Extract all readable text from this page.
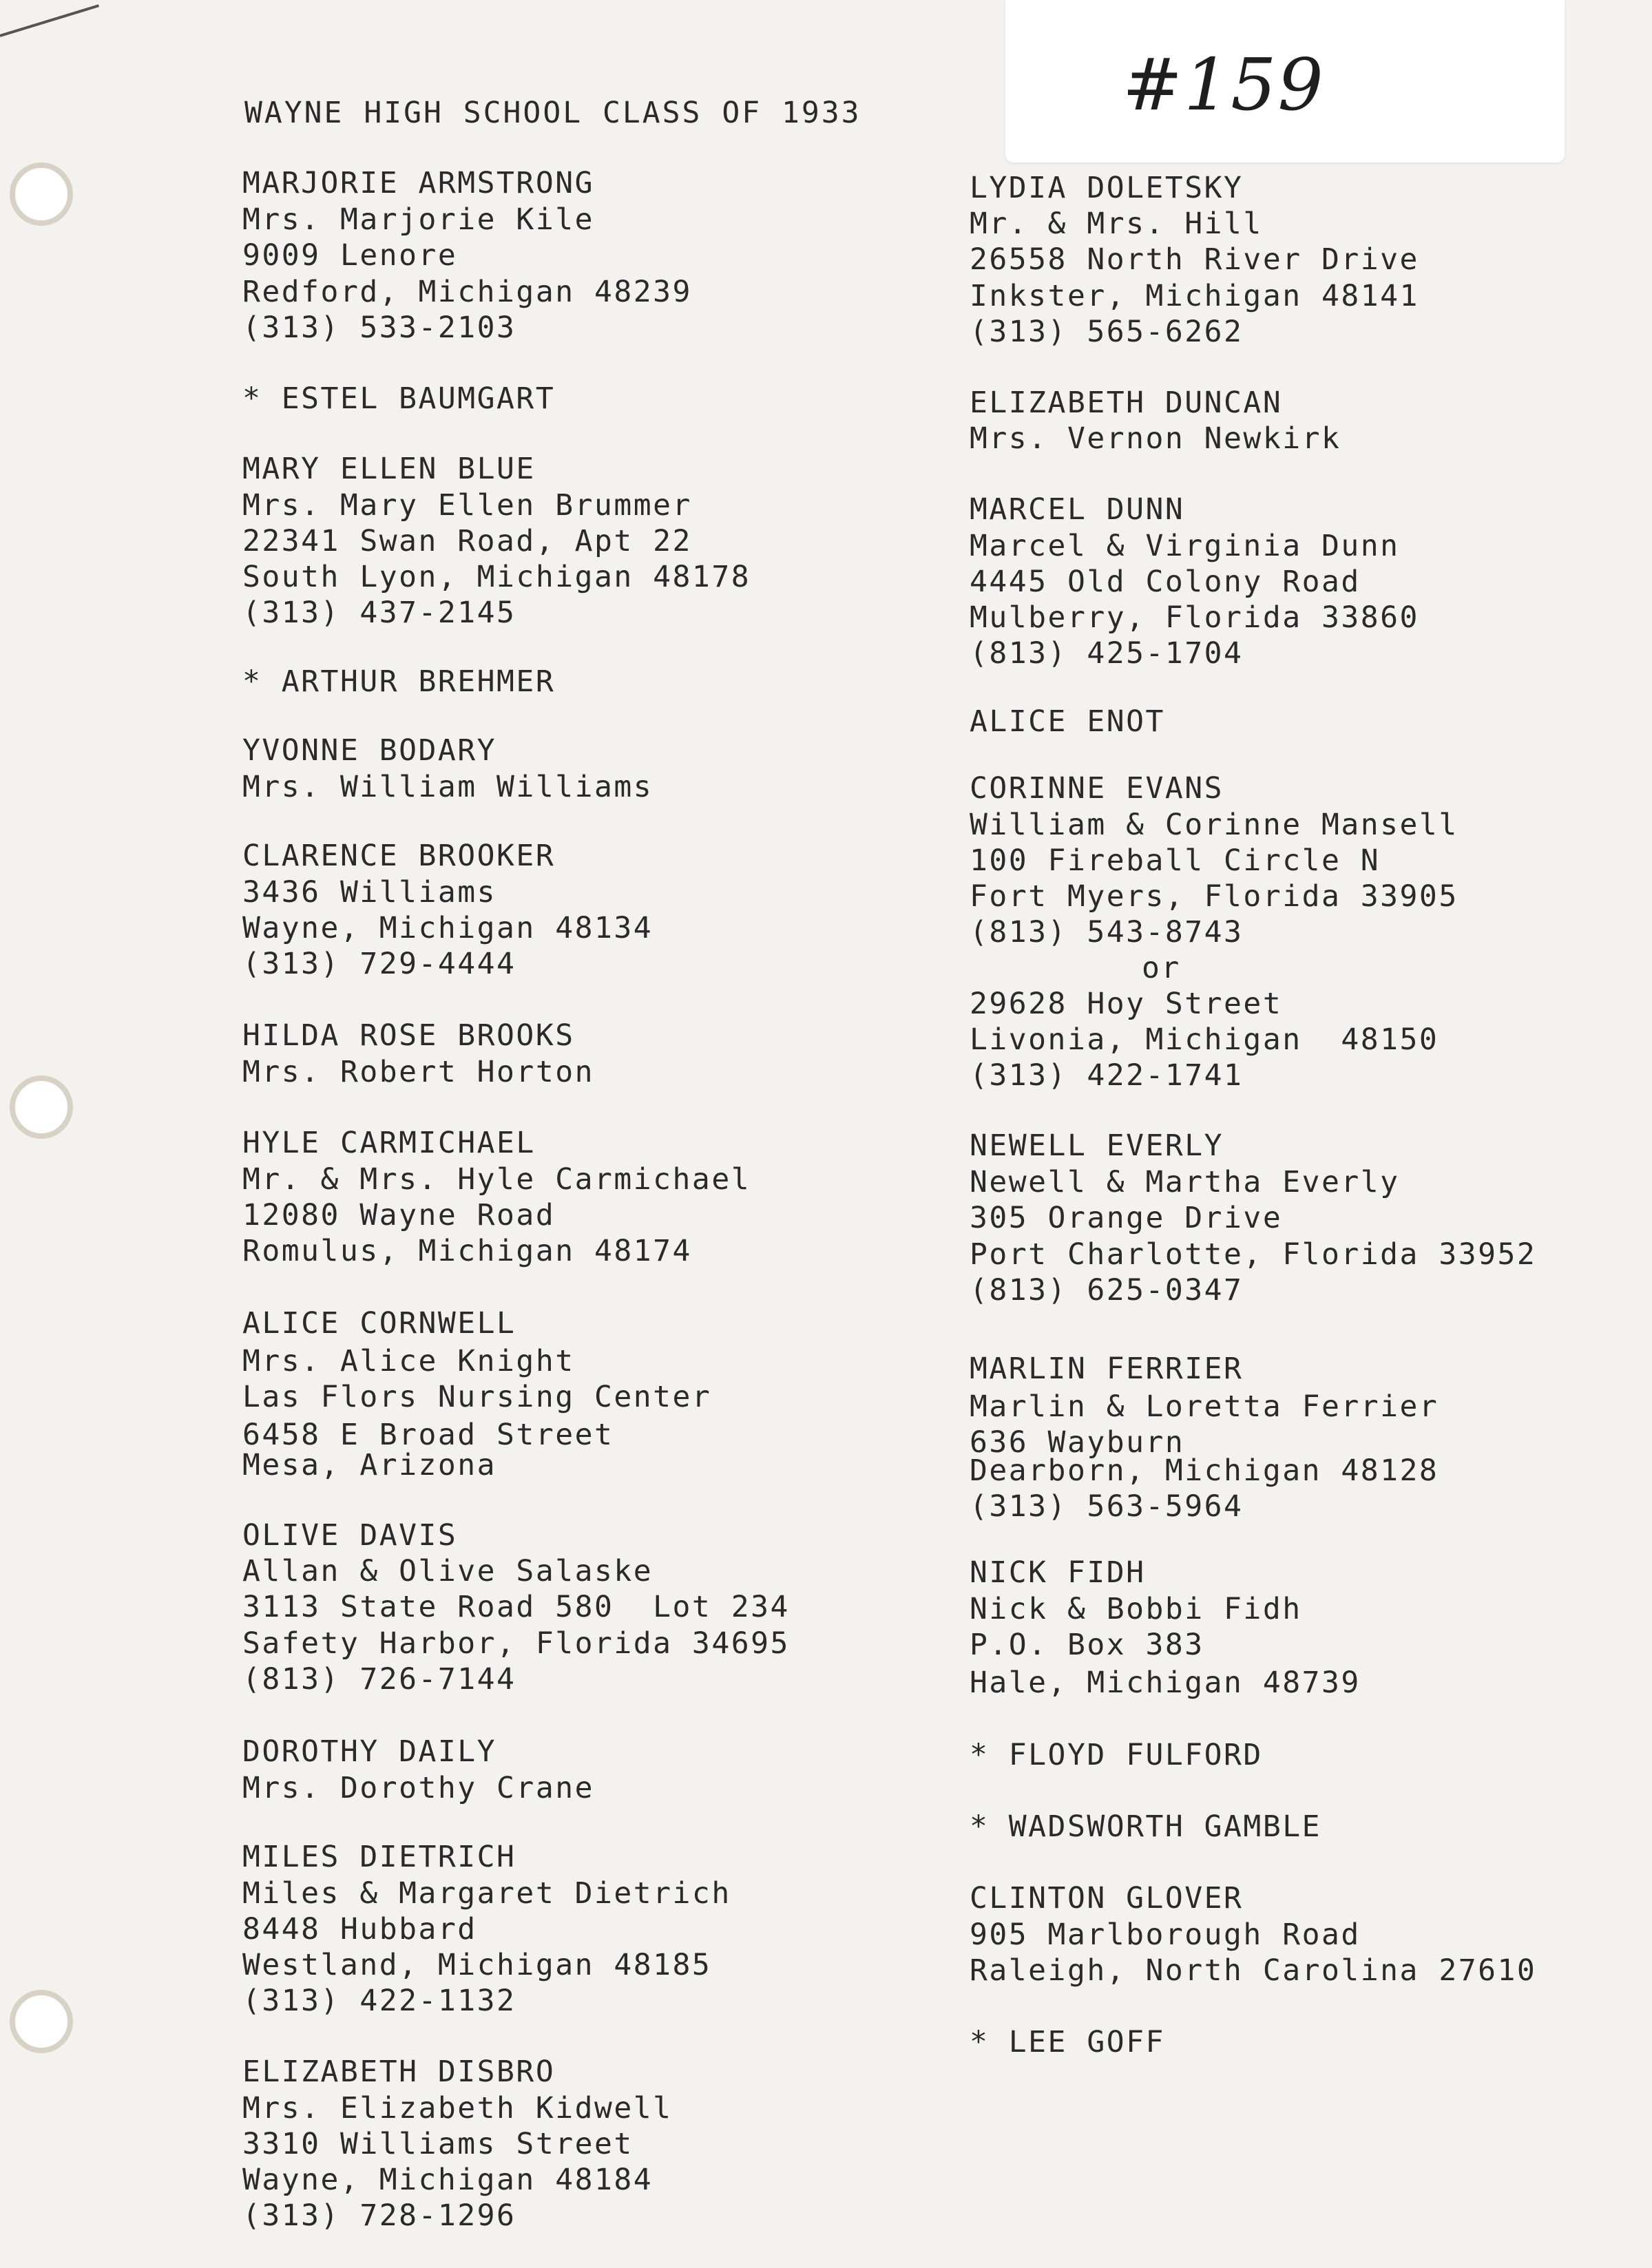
#159
WAYNE HIGH SCHOOL CLASS OF 1933
MARJORIE ARMSTRONG
Mrs. Marjorie Kile
9009 Lenore
Redford, Michigan 48239
(313) 533-2103
* ESTEL BAUMGART
MARY ELLEN BLUE
Mrs. Mary Ellen Brummer
22341 Swan Road, Apt 22
South Lyon, Michigan 48178
(313) 437-2145
* ARTHUR BREHMER
YVONNE BODARY
Mrs. William Williams
CLARENCE BROOKER
3436 Williams
Wayne, Michigan 48134
(313) 729-4444
HILDA ROSE BROOKS
Mrs. Robert Horton
HYLE CARMICHAEL
Mr. & Mrs. Hyle Carmichael
12080 Wayne Road
Romulus, Michigan 48174
ALICE CORNWELL
Mrs. Alice Knight
Las Flors Nursing Center
6458 E Broad Street
Mesa, Arizona
OLIVE DAVIS
Allan & Olive Salaske
3113 State Road 580  Lot 234
Safety Harbor, Florida 34695
(813) 726-7144
DOROTHY DAILY
Mrs. Dorothy Crane
MILES DIETRICH
Miles & Margaret Dietrich
8448 Hubbard
Westland, Michigan 48185
(313) 422-1132
ELIZABETH DISBRO
Mrs. Elizabeth Kidwell
3310 Williams Street
Wayne, Michigan 48184
(313) 728-1296
LYDIA DOLETSKY
Mr. & Mrs. Hill
26558 North River Drive
Inkster, Michigan 48141
(313) 565-6262
ELIZABETH DUNCAN
Mrs. Vernon Newkirk
MARCEL DUNN
Marcel & Virginia Dunn
4445 Old Colony Road
Mulberry, Florida 33860
(813) 425-1704
ALICE ENOT
CORINNE EVANS
William & Corinne Mansell
100 Fireball Circle N
Fort Myers, Florida 33905
(813) 543-8743
or
29628 Hoy Street
Livonia, Michigan  48150
(313) 422-1741
NEWELL EVERLY
Newell & Martha Everly
305 Orange Drive
Port Charlotte, Florida 33952
(813) 625-0347
MARLIN FERRIER
Marlin & Loretta Ferrier
636 Wayburn
Dearborn, Michigan 48128
(313) 563-5964
NICK FIDH
Nick & Bobbi Fidh
P.O. Box 383
Hale, Michigan 48739
* FLOYD FULFORD
* WADSWORTH GAMBLE
CLINTON GLOVER
905 Marlborough Road
Raleigh, North Carolina 27610
* LEE GOFF
